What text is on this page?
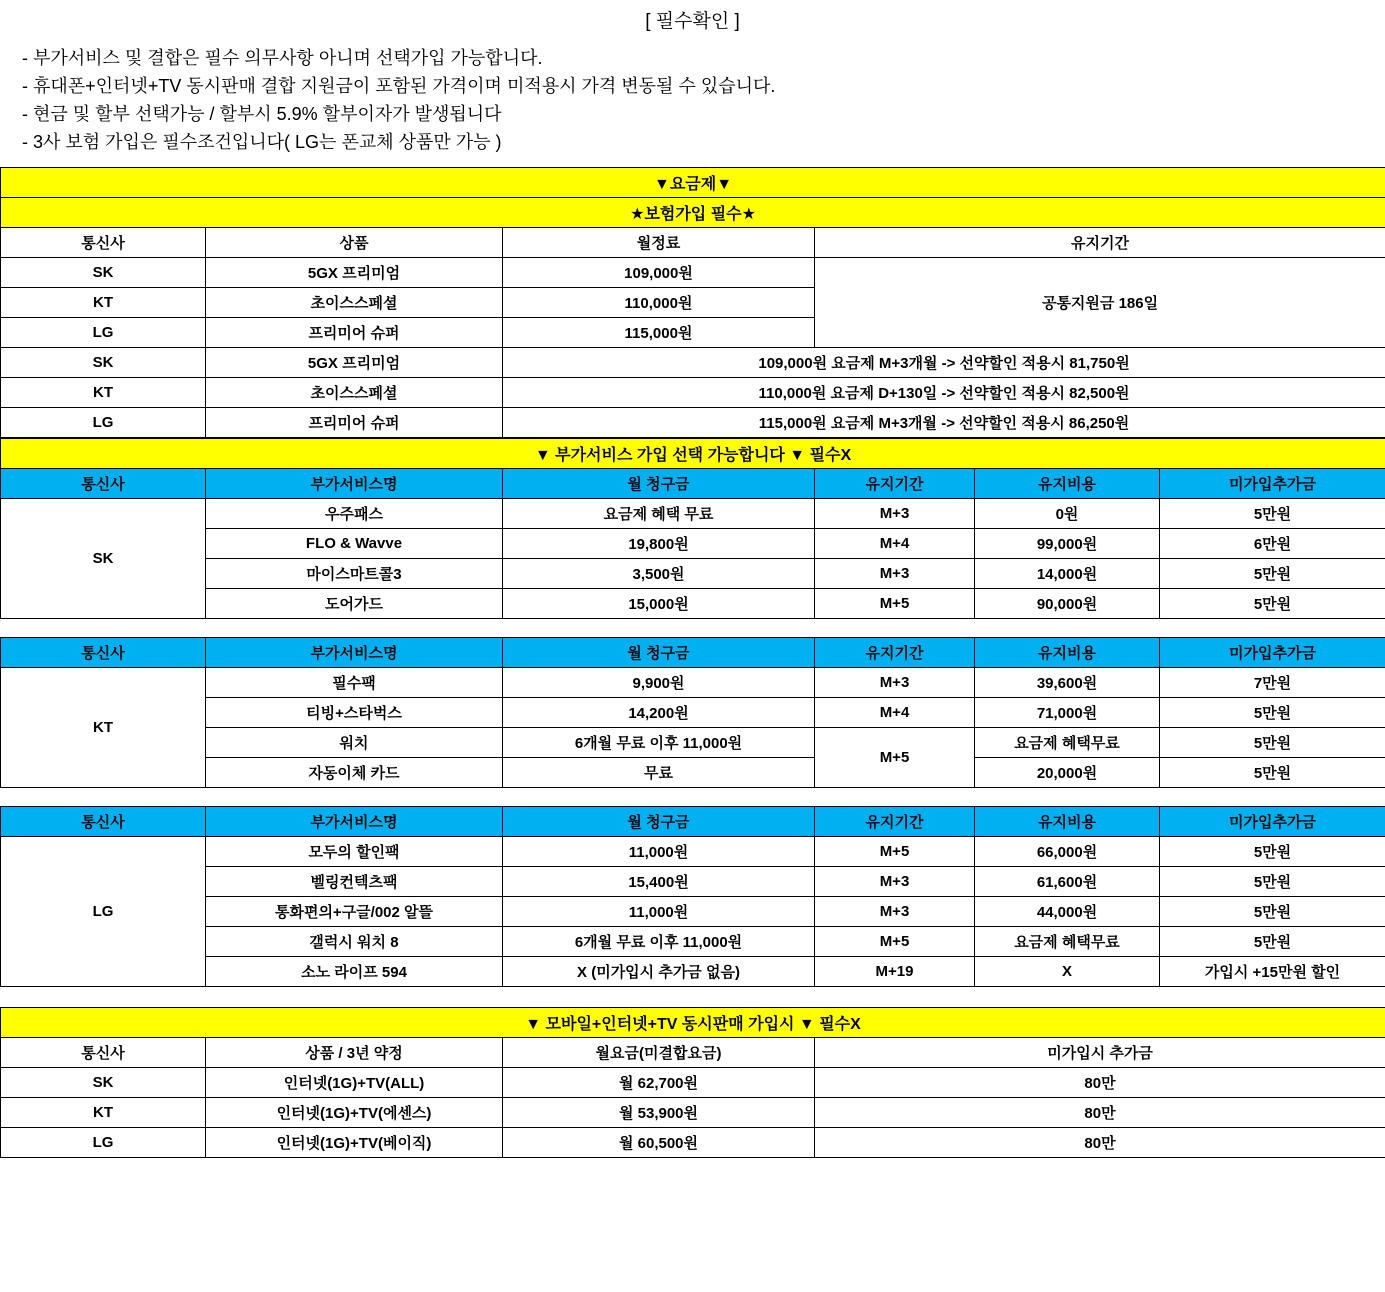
[ 필수확인 ]
- 부가서비스 및 결합은 필수 의무사항 아니며 선택가입 가능합니다.
- 휴대폰+인터넷+TV 동시판매 결합 지원금이 포함된 가격이며 미적용시 가격 변동될 수 있습니다.
- 현금 및 할부 선택가능 / 할부시 5.9% 할부이자가 발생됩니다
- 3사 보험 가입은 필수조건입니다( LG는 폰교체 상품만 가능 )
▼요금제▼			
★보험가입 필수★			
통신사	상품	월정료	유지기간
SK	5GX 프리미엄	109,000원	공통지원금 186일
KT	초이스스페셜	110,000원	
LG	프리미어 슈퍼	115,000원	
SK	5GX 프리미엄	109,000원 요금제 M+3개월 -> 선약할인 적용시 81,750원	
KT	초이스스페셜	110,000원 요금제 D+130일 -> 선약할인 적용시 82,500원	
LG	프리미어 슈퍼	115,000원 요금제 M+3개월 -> 선약할인 적용시 86,250원	
▼ 부가서비스 가입 선택 가능합니다 ▼ 필수X					
통신사	부가서비스명	월 청구금	유지기간	유지비용	미가입추가금
SK	우주패스	요금제 혜택 무료	M+3	0원	5만원
	FLO & Wavve	19,800원	M+4	99,000원	6만원
	마이스마트콜3	3,500원	M+3	14,000원	5만원
	도어가드	15,000원	M+5	90,000원	5만원
통신사	부가서비스명	월 청구금	유지기간	유지비용	미가입추가금
KT	필수팩	9,900원	M+3	39,600원	7만원
	티빙+스타벅스	14,200원	M+4	71,000원	5만원
	워치	6개월 무료 이후 11,000원	M+5	요금제 혜택무료	5만원
	자동이체 카드	무료		20,000원	5만원
통신사	부가서비스명	월 청구금	유지기간	유지비용	미가입추가금
LG	모두의 할인팩	11,000원	M+5	66,000원	5만원
	벨링컨텍츠팩	15,400원	M+3	61,600원	5만원
	통화편의+구글/002 알뜰	11,000원	M+3	44,000원	5만원
	갤럭시 워치 8	6개월 무료 이후 11,000원	M+5	요금제 혜택무료	5만원
	소노 라이프 594	X (미가입시 추가금 없음)	M+19	X	가입시 +15만원 할인
▼ 모바일+인터넷+TV 동시판매 가입시 ▼ 필수X			
통신사	상품 / 3년 약정	월요금(미결합요금)	미가입시 추가금
SK	인터넷(1G)+TV(ALL)	월 62,700원	80만
KT	인터넷(1G)+TV(에센스)	월 53,900원	80만
LG	인터넷(1G)+TV(베이직)	월 60,500원	80만
